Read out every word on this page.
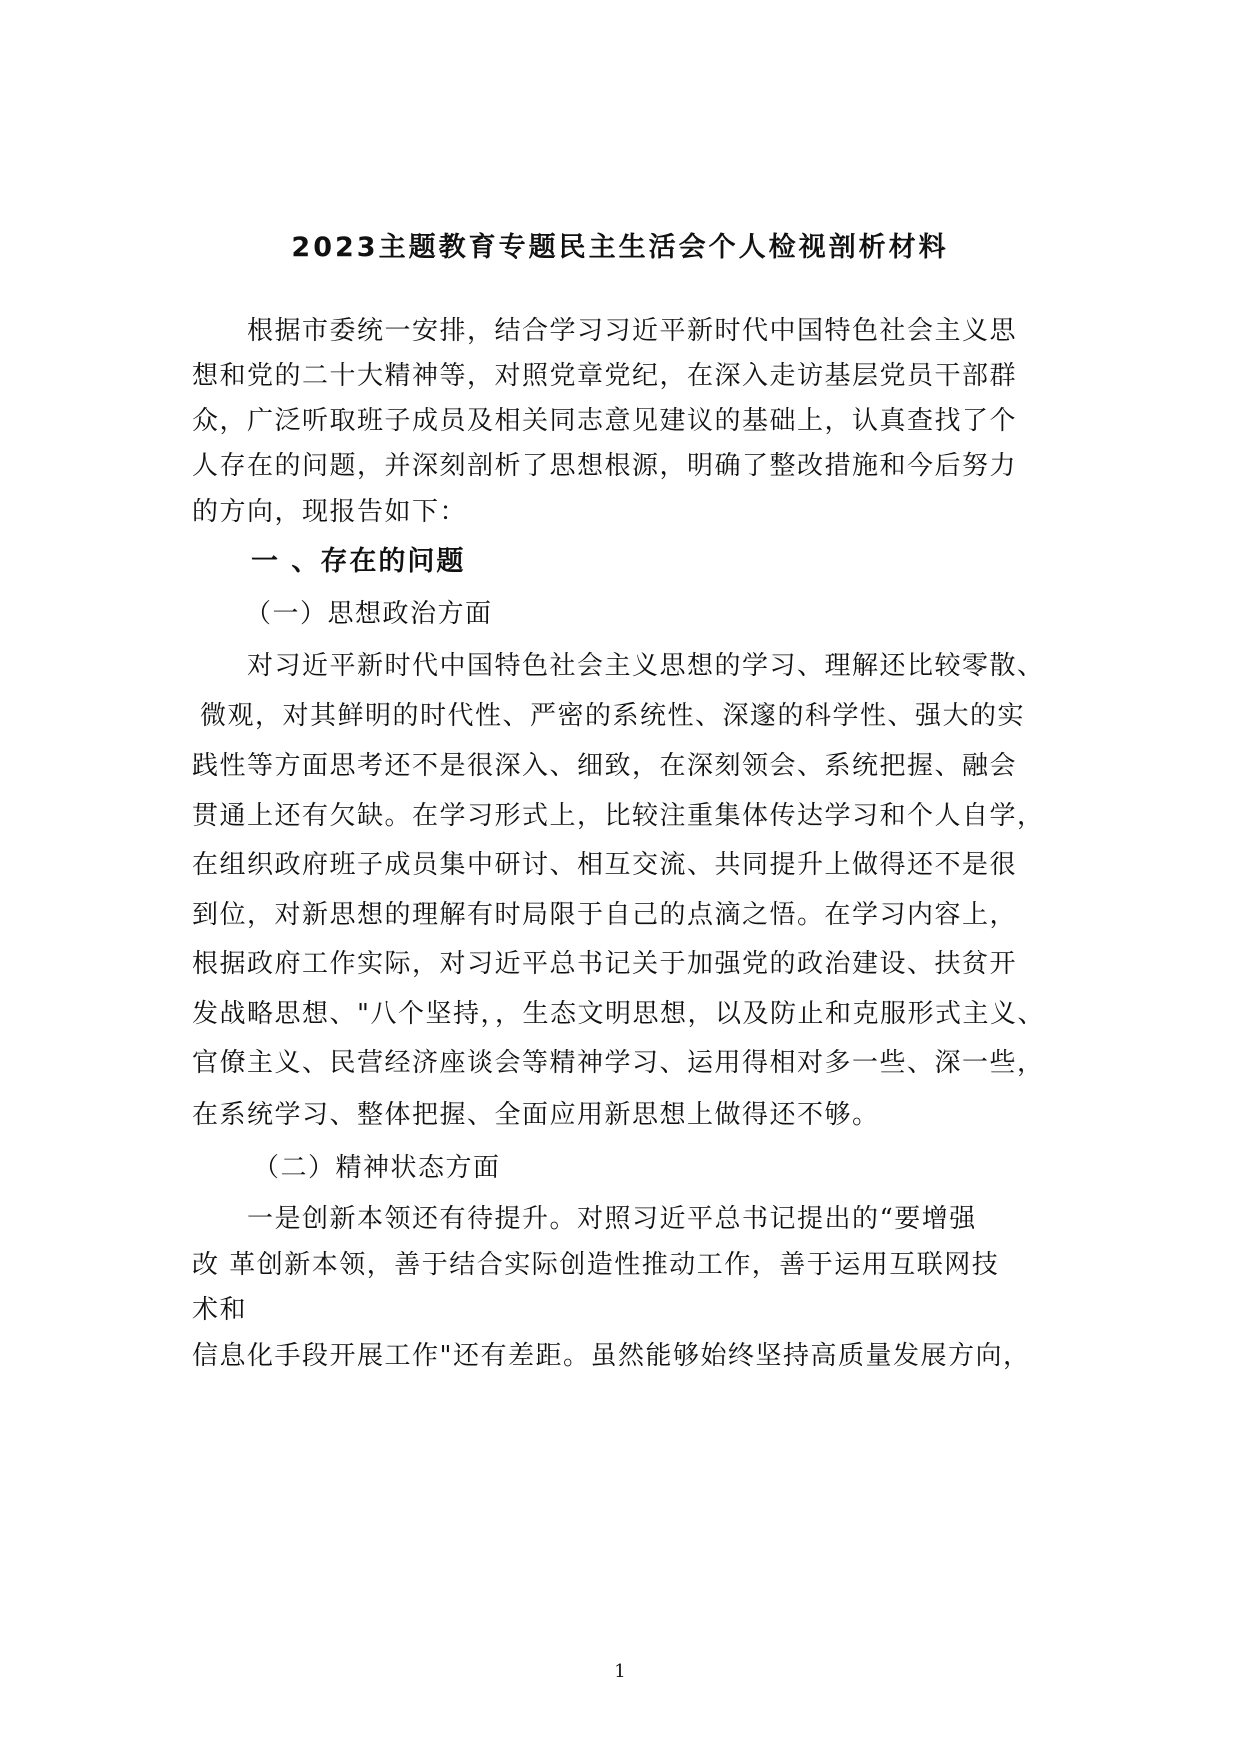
2023主题教育专题民主生活会个人检视剖析材料

根据市委统一安排，结合学习习近平新时代中国特色社会主义思

想和党的二十大精神等，对照党章党纪，在深入走访基层党员干部群

众，广泛听取班子成员及相关同志意见建议的基础上，认真查找了个

人存在的问题，并深刻剖析了思想根源，明确了整改措施和今后努力

的方向，现报告如下：

一 、存在的问题

（一）思想政治方面

对习近平新时代中国特色社会主义思想的学习、理解还比较零散、

微观，对其鲜明的时代性、严密的系统性、深邃的科学性、强大的实

践性等方面思考还不是很深入、细致，在深刻领会、系统把握、融会

贯通上还有欠缺。在学习形式上，比较注重集体传达学习和个人自学，

在组织政府班子成员集中研讨、相互交流、共同提升上做得还不是很

到位，对新思想的理解有时局限于自己的点滴之悟。在学习内容上，

根据政府工作实际，对习近平总书记关于加强党的政治建设、扶贫开

发战略思想、"八个坚持，，生态文明思想，以及防止和克服形式主义、

官僚主义、民营经济座谈会等精神学习、运用得相对多一些、深一些，

在系统学习、整体把握、全面应用新思想上做得还不够。

（二）精神状态方面

一是创新本领还有待提升。对照习近平总书记提出的“要增强

改 革创新本领，善于结合实际创造性推动工作，善于运用互联网技

术和

信息化手段开展工作"还有差距。虽然能够始终坚持高质量发展方向，

1
